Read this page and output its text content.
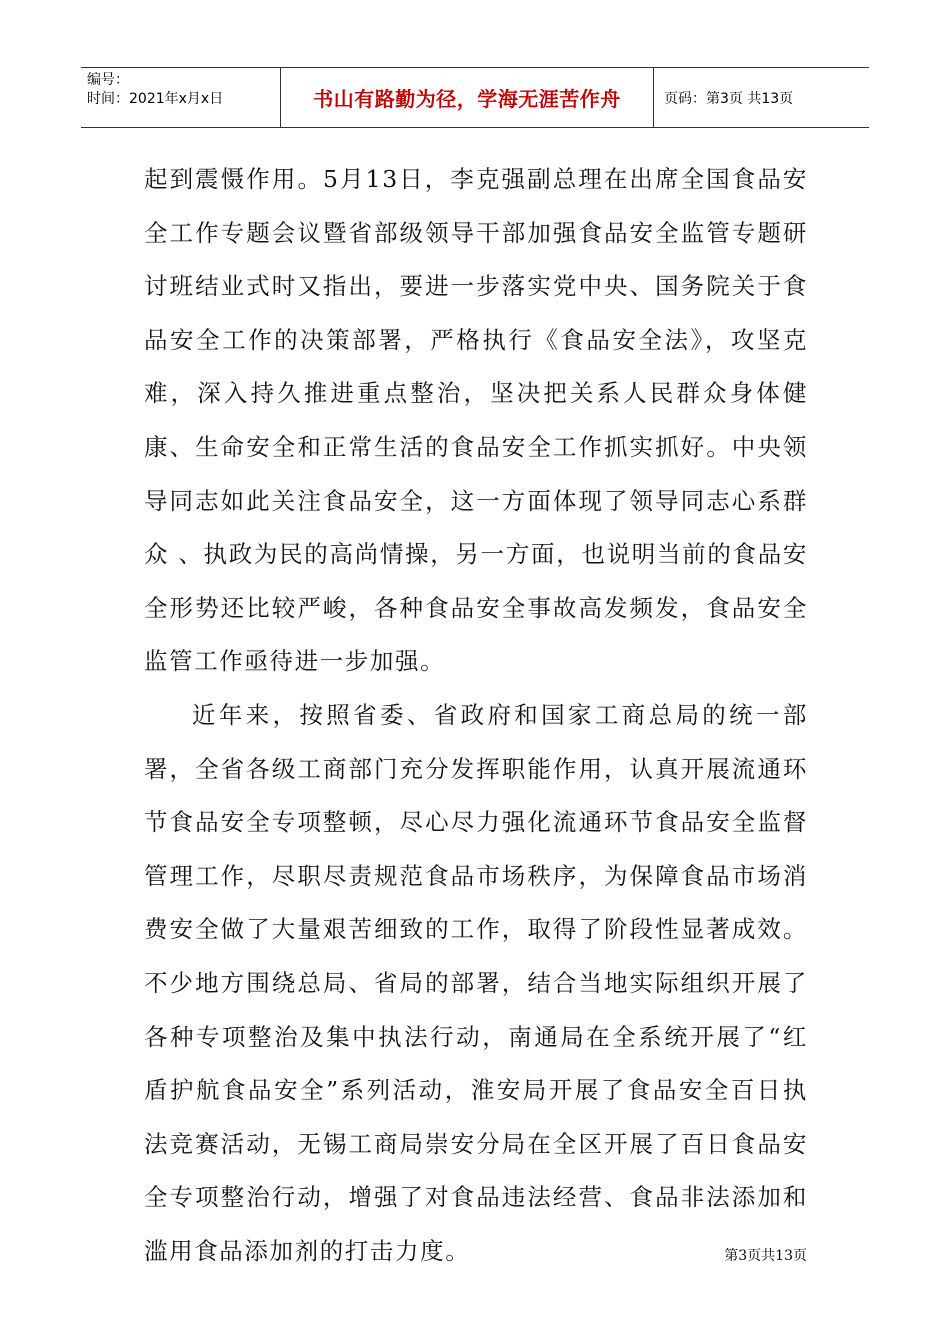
编号：
时间：2021年x月x日	书山有路勤为径，学海无涯苦作舟	页码：第3页 共13页

起到震慑作用。5月13日，李克强副总理在出席全国食品安全工作专题会议暨省部级领导干部加强食品安全监管专题研讨班结业式时又指出，要进一步落实党中央、国务院关于食品安全工作的决策部署，严格执行《食品安全法》，攻坚克难，深入持久推进重点整治，坚决把关系人民群众身体健康、生命安全和正常生活的食品安全工作抓实抓好。中央领导同志如此关注食品安全，这一方面体现了领导同志心系群众 、执政为民的高尚情操，另一方面，也说明当前的食品安全形势还比较严峻，各种食品安全事故高发频发，食品安全监管工作亟待进一步加强。

近年来，按照省委、省政府和国家工商总局的统一部署，全省各级工商部门充分发挥职能作用，认真开展流通环节食品安全专项整顿，尽心尽力强化流通环节食品安全监督管理工作，尽职尽责规范食品市场秩序，为保障食品市场消费安全做了大量艰苦细致的工作，取得了阶段性显著成效。不少地方围绕总局、省局的部署，结合当地实际组织开展了各种专项整治及集中执法行动，南通局在全系统开展了“红盾护航食品安全”系列活动，淮安局开展了食品安全百日执法竞赛活动，无锡工商局崇安分局在全区开展了百日食品安全专项整治行动，增强了对食品违法经营、食品非法添加和滥用食品添加剂的打击力度。	第3页共13页
